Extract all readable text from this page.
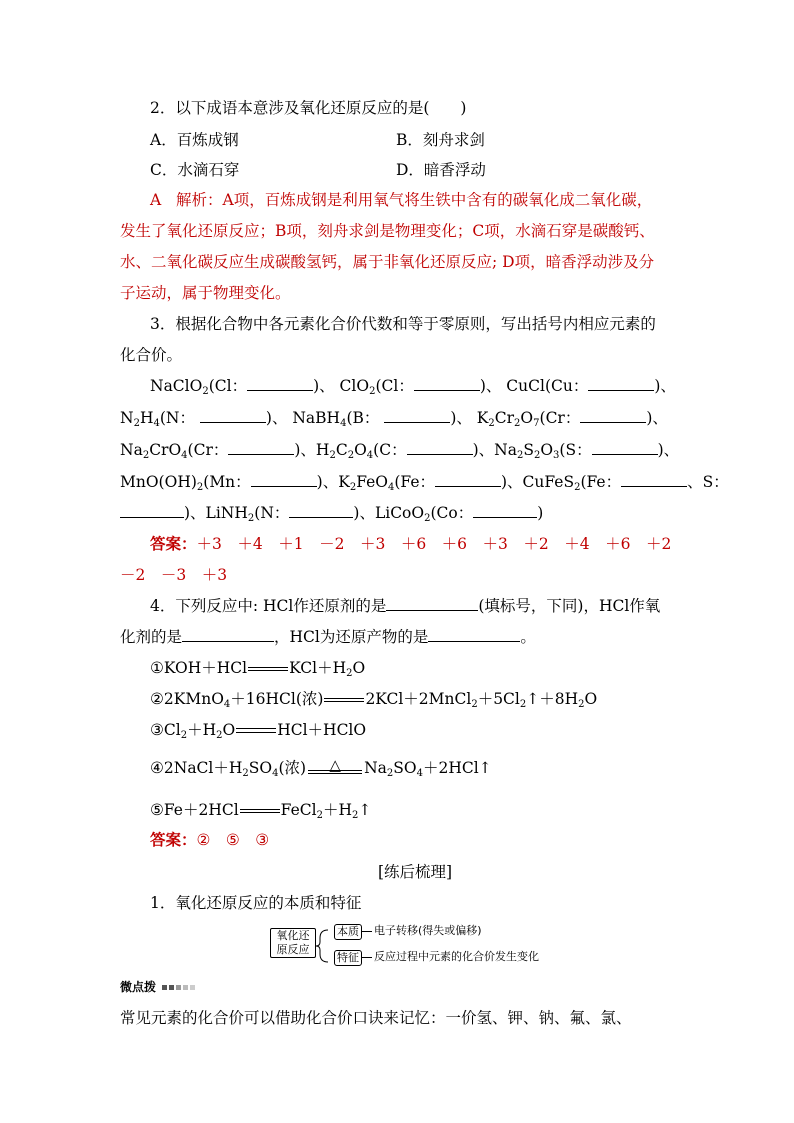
2．以下成语本意涉及氧化还原反应的是(　　)
A．百炼成钢	B．刻舟求剑
C．水滴石穿	D．暗香浮动
A 解析：A项，百炼成钢是利用氧气将生铁中含有的碳氧化成二氧化碳，
发生了氧化还原反应；B项，刻舟求剑是物理变化；C项，水滴石穿是碳酸钙、
水、二氧化碳反应生成碳酸氢钙，属于非氧化还原反应; D项，暗香浮动涉及分
子运动，属于物理变化。
3．根据化合物中各元素化合价代数和等于零原则，写出括号内相应元素的
化合价。
NaClO$_2$(Cl：	)、 ClO$_2$(Cl：	)、 CuCl(Cu：	)、
$N_2H_4(N$：	)、 NaBH$_4$(B：	)、 $K_2Cr_2O_7(Cr$：	)、
$Na_2CrO_4(Cr$：	)、$H_2C_2O_4(C$：	)、$Na_2S_2O_3(S$：	)、
$MnO(OH)_2(Mn$：	)、$K_2FeO_4(Fe$：	)、CuFeS$_2$(Fe：	、S：
)、LiNH$_2$(N：	)、LiCoO$_2$(Co：	)
答案：＋3　＋4　＋1　－2　＋3　＋6　＋6　＋3　＋2　＋4　＋6　＋2
－2　－3　＋3
4．下列反应中: HCl作还原剂的是	(填标号，下同)，HCl作氧
化剂的是	，HCl为还原产物的是	。
①KOH＋HCl	$KCl+H_2O$
②2KMnO$_4$＋16HCl(浓)	$2KCl+2MnCl_2+5Cl_2↑+8H_2O$
$③Cl_2+H_2O$	HCl＋HClO
$④2NaCl+H_2SO_4$(浓)	△	$Na_2SO_4+2HCl↑$
⑤Fe＋2HCl	$FeCl_2+H_2↑$
答案：②　⑤　③
[练后梳理]
1．氧化还原反应的本质和特征
氧化还
原反应
本质 电子转移(得失或偏移)
特征 反应过程中元素的化合价发生变化
微点拨
常见元素的化合价可以借助化合价口诀来记忆：一价氢、钾、钠、氟、氯、
